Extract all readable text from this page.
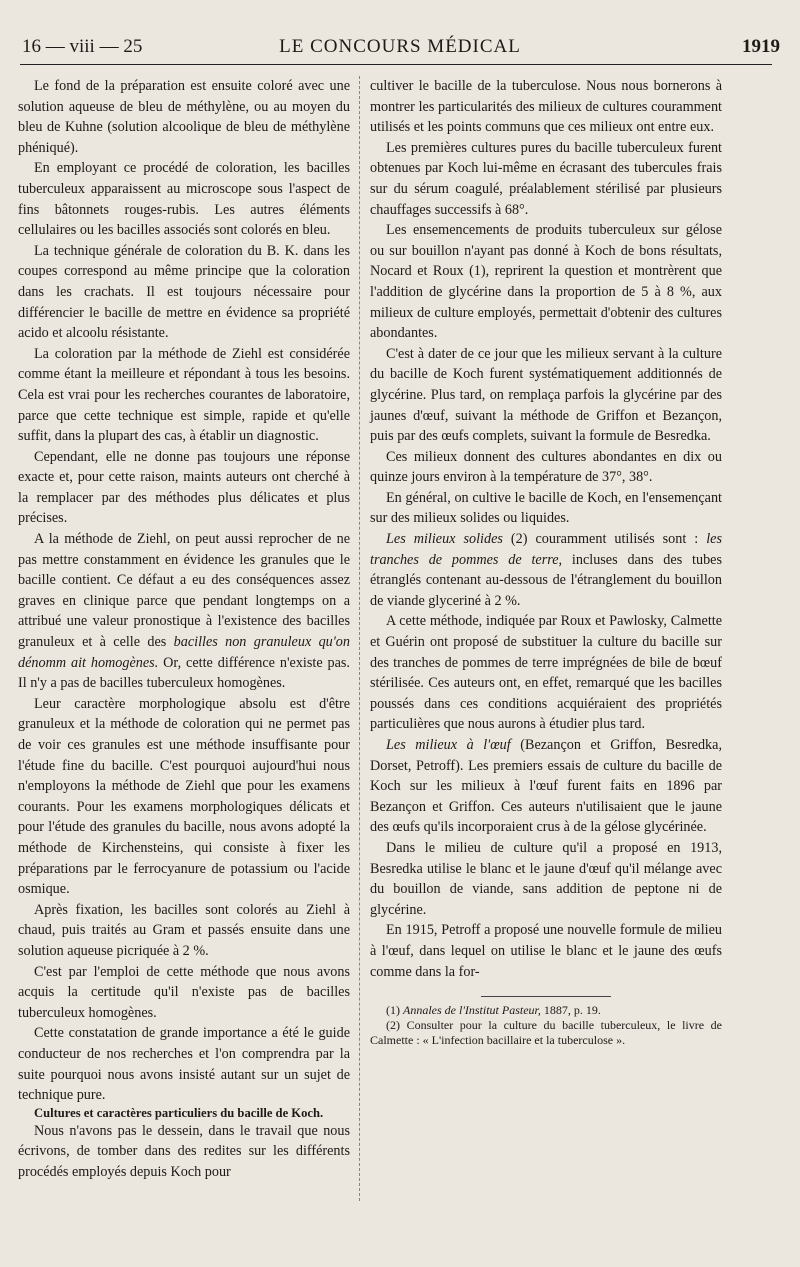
16 — viii — 25	LE CONCOURS MÉDICAL	1919

Le fond de la préparation est ensuite coloré avec une solution aqueuse de bleu de méthylène, ou au moyen du bleu de Kuhne (solution alcoolique de bleu de méthylène phéniqué).

En employant ce procédé de coloration, les bacilles tuberculeux apparaissent au microscope sous l'aspect de fins bâtonnets rouges-rubis. Les autres éléments cellulaires ou les bacilles associés sont colorés en bleu.

La technique générale de coloration du B. K. dans les coupes correspond au même principe que la coloration dans les crachats. Il est toujours nécessaire pour différencier le bacille de mettre en évidence sa propriété acido et alcoolu résistante.

La coloration par la méthode de Ziehl est considérée comme étant la meilleure et répondant à tous les besoins. Cela est vrai pour les recherches courantes de laboratoire, parce que cette technique est simple, rapide et qu'elle suffit, dans la plupart des cas, à établir un diagnostic.

Cependant, elle ne donne pas toujours une réponse exacte et, pour cette raison, maints auteurs ont cherché à la remplacer par des méthodes plus délicates et plus précises.

A la méthode de Ziehl, on peut aussi reprocher de ne pas mettre constamment en évidence les granules que le bacille contient. Ce défaut a eu des conséquences assez graves en clinique parce que pendant longtemps on a attribué une valeur pronostique à l'existence des bacilles granuleux et à celle des bacilles non granuleux qu'on dénomm ait homogènes. Or, cette différence n'existe pas. Il n'y a pas de bacilles tuberculeux homogènes.

Leur caractère morphologique absolu est d'être granuleux et la méthode de coloration qui ne permet pas de voir ces granules est une méthode insuffisante pour l'étude fine du bacille. C'est pourquoi aujourd'hui nous n'employons la méthode de Ziehl que pour les examens courants. Pour les examens morphologiques délicats et pour l'étude des granules du bacille, nous avons adopté la méthode de Kirchensteins, qui consiste à fixer les préparations par le ferrocyanure de potassium ou l'acide osmique.

Après fixation, les bacilles sont colorés au Ziehl à chaud, puis traités au Gram et passés ensuite dans une solution aqueuse picriquée à 2 %.

C'est par l'emploi de cette méthode que nous avons acquis la certitude qu'il n'existe pas de bacilles tuberculeux homogènes.

Cette constatation de grande importance a été le guide conducteur de nos recherches et l'on comprendra par la suite pourquoi nous avons insisté autant sur un sujet de technique pure.

Cultures et caractères particuliers du bacille de Koch.

Nous n'avons pas le dessein, dans le travail que nous écrivons, de tomber dans des redites sur les différents procédés employés depuis Koch pour

cultiver le bacille de la tuberculose. Nous nous bornerons à montrer les particularités des milieux de cultures couramment utilisés et les points communs que ces milieux ont entre eux.

Les premières cultures pures du bacille tuberculeux furent obtenues par Koch lui-même en écrasant des tubercules frais sur du sérum coagulé, préalablement stérilisé par plusieurs chauffages successifs à 68°.

Les ensemencements de produits tuberculeux sur gélose ou sur bouillon n'ayant pas donné à Koch de bons résultats, Nocard et Roux (1), reprirent la question et montrèrent que l'addition de glycérine dans la proportion de 5 à 8 %, aux milieux de culture employés, permettait d'obtenir des cultures abondantes.

C'est à dater de ce jour que les milieux servant à la culture du bacille de Koch furent systématiquement additionnés de glycérine. Plus tard, on remplaça parfois la glycérine par des jaunes d'œuf, suivant la méthode de Griffon et Bezançon, puis par des œufs complets, suivant la formule de Besredka.

Ces milieux donnent des cultures abondantes en dix ou quinze jours environ à la température de 37°, 38°.

En général, on cultive le bacille de Koch, en l'ensemençant sur des milieux solides ou liquides.

Les milieux solides (2) couramment utilisés sont : les tranches de pommes de terre, incluses dans des tubes étranglés contenant au-dessous de l'étranglement du bouillon de viande glyceriné à 2 %.

A cette méthode, indiquée par Roux et Pawlosky, Calmette et Guérin ont proposé de substituer la culture du bacille sur des tranches de pommes de terre imprégnées de bile de bœuf stérilisée. Ces auteurs ont, en effet, remarqué que les bacilles poussés dans ces conditions acquiéraient des propriétés particulières que nous aurons à étudier plus tard.

Les milieux à l'œuf (Bezançon et Griffon, Besredka, Dorset, Petroff). Les premiers essais de culture du bacille de Koch sur les milieux à l'œuf furent faits en 1896 par Bezançon et Griffon. Ces auteurs n'utilisaient que le jaune des œufs qu'ils incorporaient crus à de la gélose glycérinée.

Dans le milieu de culture qu'il a proposé en 1913, Besredka utilise le blanc et le jaune d'œuf qu'il mélange avec du bouillon de viande, sans addition de peptone ni de glycérine.

En 1915, Petroff a proposé une nouvelle formule de milieu à l'œuf, dans lequel on utilise le blanc et le jaune des œufs comme dans la for-

(1) Annales de l'Institut Pasteur, 1887, p. 19.

(2) Consulter pour la culture du bacille tuberculeux, le livre de Calmette : « L'infection bacillaire et la tuberculose ».
